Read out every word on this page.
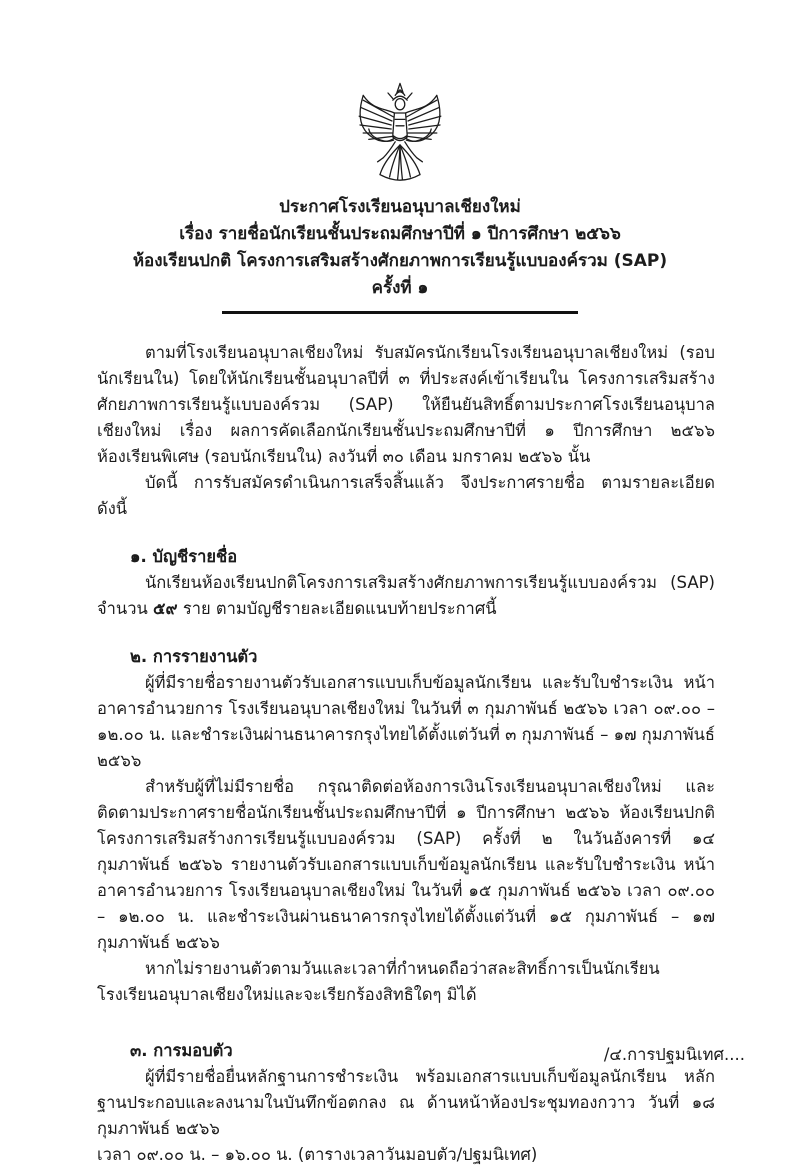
ประกาศโรงเรียนอนุบาลเชียงใหม่
เรื่อง รายชื่อนักเรียนชั้นประถมศึกษาปีที่ ๑ ปีการศึกษา ๒๕๖๖
ห้องเรียนปกติ โครงการเสริมสร้างศักยภาพการเรียนรู้แบบองค์รวม (SAP)
ครั้งที่ ๑

ตามที่โรงเรียนอนุบาลเชียงใหม่ รับสมัครนักเรียนโรงเรียนอนุบาลเชียงใหม่ (รอบนักเรียนใน) โดยให้นักเรียนชั้นอนุบาลปีที่ ๓ ที่ประสงค์เข้าเรียนใน โครงการเสริมสร้างศักยภาพการเรียนรู้แบบองค์รวม (SAP) ให้ยืนยันสิทธิ์ตามประกาศโรงเรียนอนุบาลเชียงใหม่ เรื่อง ผลการคัดเลือกนักเรียนชั้นประถมศึกษาปีที่ ๑ ปีการศึกษา ๒๕๖๖ ห้องเรียนพิเศษ (รอบนักเรียนใน) ลงวันที่ ๓๐ เดือน มกราคม ๒๕๖๖ นั้น

บัดนี้ การรับสมัครดำเนินการเสร็จสิ้นแล้ว จึงประกาศรายชื่อ ตามรายละเอียด ดังนี้

๑. บัญชีรายชื่อ

นักเรียนห้องเรียนปกติโครงการเสริมสร้างศักยภาพการเรียนรู้แบบองค์รวม (SAP) จำนวน ๕๙ ราย ตามบัญชีรายละเอียดแนบท้ายประกาศนี้

๒. การรายงานตัว

ผู้ที่มีรายชื่อรายงานตัวรับเอกสารแบบเก็บข้อมูลนักเรียน และรับใบชำระเงิน หน้าอาคารอำนวยการ โรงเรียนอนุบาลเชียงใหม่ ในวันที่ ๓ กุมภาพันธ์ ๒๕๖๖ เวลา ๐๙.๐๐ – ๑๒.๐๐ น. และชำระเงินผ่านธนาคารกรุงไทยได้ตั้งแต่วันที่ ๓ กุมภาพันธ์ – ๑๗ กุมภาพันธ์ ๒๕๖๖

สำหรับผู้ที่ไม่มีรายชื่อ กรุณาติดต่อห้องการเงินโรงเรียนอนุบาลเชียงใหม่ และติดตามประกาศรายชื่อนักเรียนชั้นประถมศึกษาปีที่ ๑ ปีการศึกษา ๒๕๖๖ ห้องเรียนปกติโครงการเสริมสร้างการเรียนรู้แบบองค์รวม (SAP) ครั้งที่ ๒ ในวันอังคารที่ ๑๔ กุมภาพันธ์ ๒๕๖๖ รายงานตัวรับเอกสารแบบเก็บข้อมูลนักเรียน และรับใบชำระเงิน หน้าอาคารอำนวยการ โรงเรียนอนุบาลเชียงใหม่ ในวันที่ ๑๕ กุมภาพันธ์ ๒๕๖๖ เวลา ๐๙.๐๐ – ๑๒.๐๐ น. และชำระเงินผ่านธนาคารกรุงไทยได้ตั้งแต่วันที่ ๑๕ กุมภาพันธ์ – ๑๗ กุมภาพันธ์ ๒๕๖๖

หากไม่รายงานตัวตามวันและเวลาที่กำหนดถือว่าสละสิทธิ์การเป็นนักเรียนโรงเรียนอนุบาลเชียงใหม่และจะเรียกร้องสิทธิใดๆ มิได้

๓. การมอบตัว

ผู้ที่มีรายชื่อยื่นหลักฐานการชำระเงิน พร้อมเอกสารแบบเก็บข้อมูลนักเรียน หลักฐานประกอบและลงนามในบันทึกข้อตกลง ณ ด้านหน้าห้องประชุมทองกวาว วันที่ ๑๘ กุมภาพันธ์ ๒๕๖๖

เวลา ๐๙.๐๐ น. – ๑๖.๐๐ น. (ตารางเวลาวันมอบตัว/ปฐมนิเทศ)

/๔.การปฐมนิเทศ....
